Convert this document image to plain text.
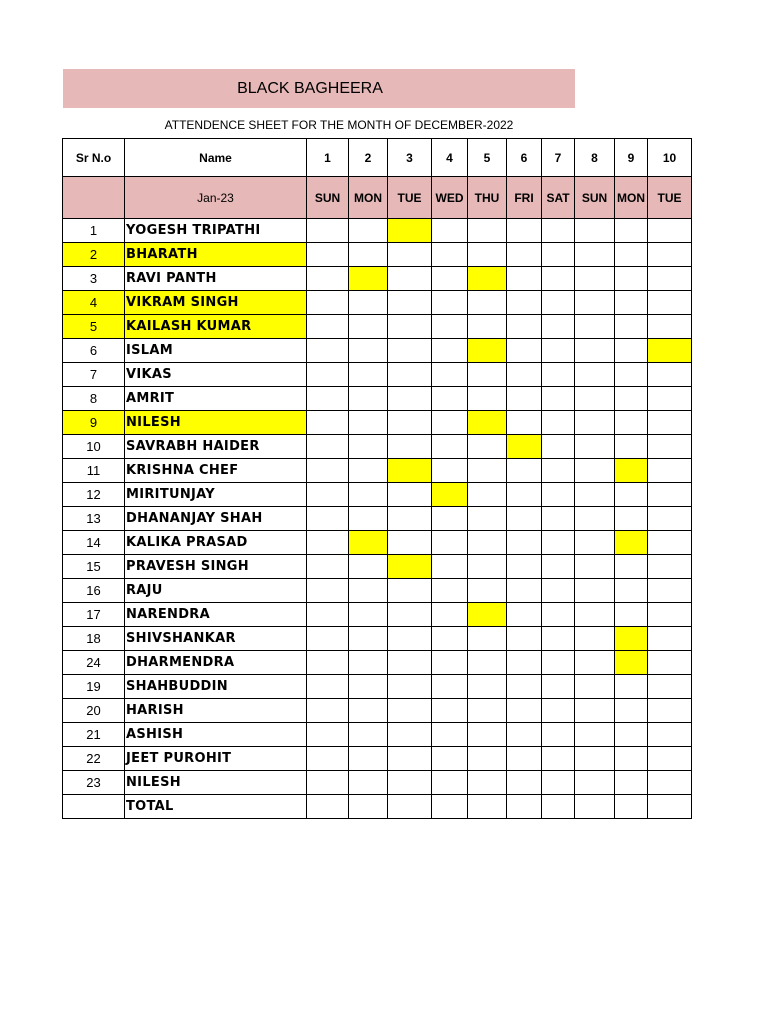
BLACK BAGHEERA
ATTENDENCE SHEET FOR THE MONTH OF DECEMBER-2022
Sr N.o	Name	1	2	3	4	5	6	7	8	9	10
	Jan-23	SUN	MON	TUE	WED	THU	FRI	SAT	SUN	MON	TUE
1	YOGESH TRIPATHI										
2	BHARATH										
3	RAVI PANTH										
4	VIKRAM SINGH										
5	KAILASH KUMAR										
6	ISLAM										
7	VIKAS										
8	AMRIT										
9	NILESH										
10	SAVRABH HAIDER										
11	KRISHNA CHEF										
12	MIRITUNJAY										
13	DHANANJAY SHAH										
14	KALIKA PRASAD										
15	PRAVESH SINGH										
16	RAJU										
17	NARENDRA										
18	SHIVSHANKAR										
24	DHARMENDRA										
19	SHAHBUDDIN										
20	HARISH										
21	ASHISH										
22	JEET PUROHIT										
23	NILESH										
	TOTAL										
